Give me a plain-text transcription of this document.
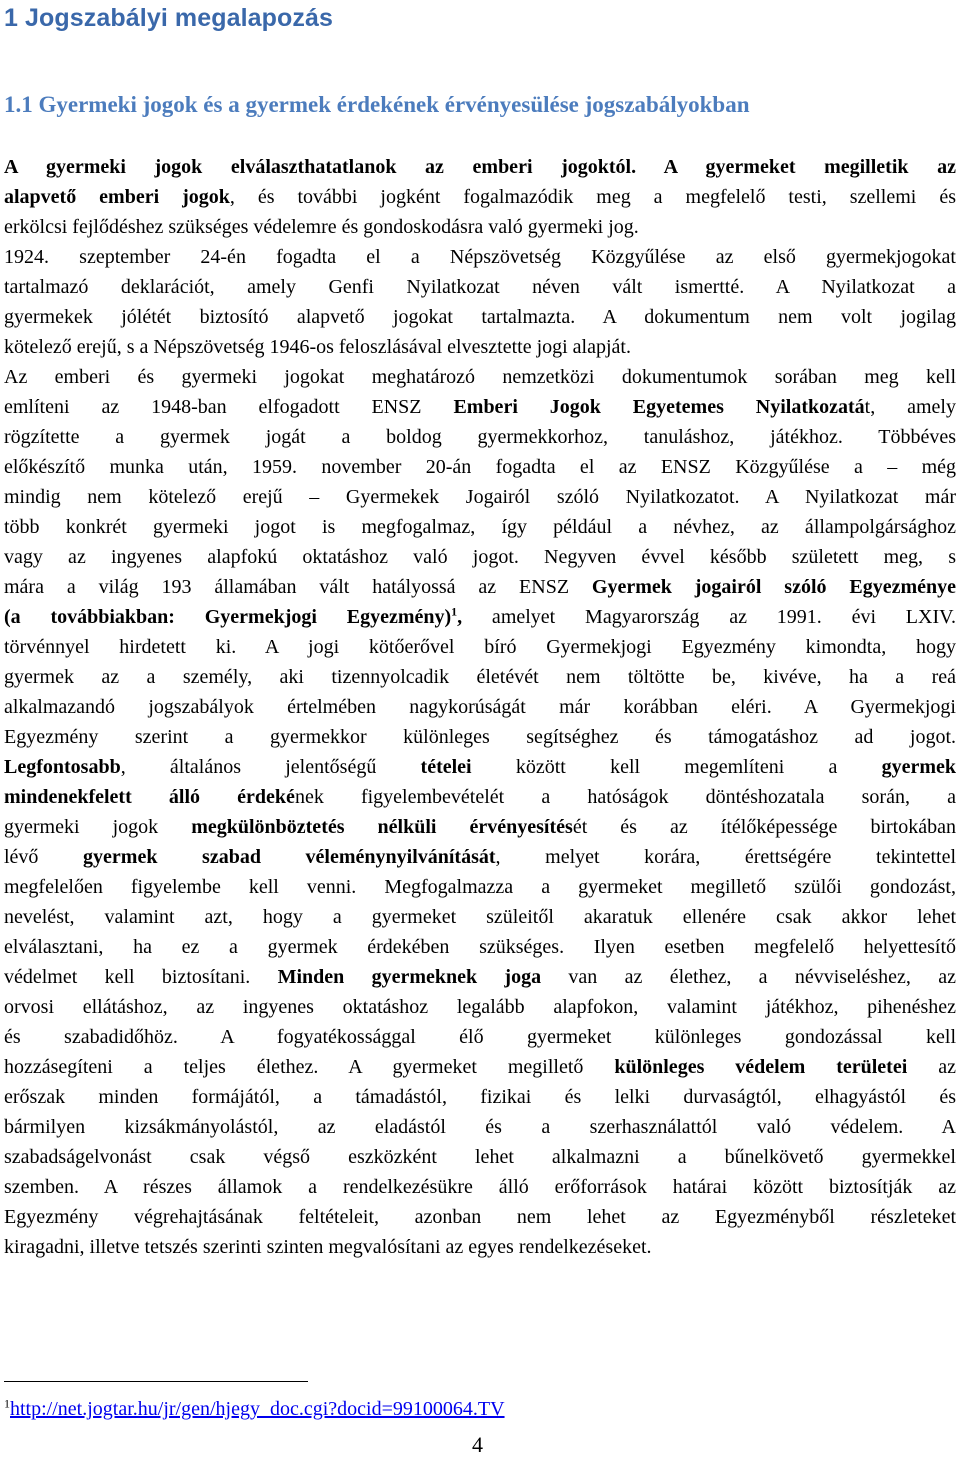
1 Jogszabályi megalapozás
1.1 Gyermeki jogok és a gyermek érdekének érvényesülése jogszabályokban
A gyermeki jogok elválaszthatatlanok az emberi jogoktól. A gyermeket megilletik az
alapvető emberi jogok, és további jogként fogalmazódik meg a megfelelő testi, szellemi és
erkölcsi fejlődéshez szükséges védelemre és gondoskodásra való gyermeki jog.
1924. szeptember 24-én fogadta el a Népszövetség Közgyűlése az első gyermekjogokat
tartalmazó deklarációt, amely Genfi Nyilatkozat néven vált ismertté. A Nyilatkozat a
gyermekek jólétét biztosító alapvető jogokat tartalmazta. A dokumentum nem volt jogilag
kötelező erejű, s a Népszövetség 1946-os feloszlásával elvesztette jogi alapját.
Az emberi és gyermeki jogokat meghatározó nemzetközi dokumentumok sorában meg kell
említeni az 1948-ban elfogadott ENSZ Emberi Jogok Egyetemes Nyilatkozatát, amely
rögzítette a gyermek jogát a boldog gyermekkorhoz, tanuláshoz, játékhoz. Többéves
előkészítő munka után, 1959. november 20-án fogadta el az ENSZ Közgyűlése a – még
mindig nem kötelező erejű – Gyermekek Jogairól szóló Nyilatkozatot. A Nyilatkozat már
több konkrét gyermeki jogot is megfogalmaz, így például a névhez, az állampolgársághoz
vagy az ingyenes alapfokú oktatáshoz való jogot. Negyven évvel később született meg, s
mára a világ 193 államában vált hatályossá az ENSZ Gyermek jogairól szóló Egyezménye
(a továbbiakban: Gyermekjogi Egyezmény)$^1$, amelyet Magyarország az 1991. évi LXIV.
törvénnyel hirdetett ki. A jogi kötőerővel bíró Gyermekjogi Egyezmény kimondta, hogy
gyermek az a személy, aki tizennyolcadik életévét nem töltötte be, kivéve, ha a reá
alkalmazandó jogszabályok értelmében nagykorúságát már korábban eléri. A Gyermekjogi
Egyezmény szerint a gyermekkor különleges segítséghez és támogatáshoz ad jogot.
Legfontosabb, általános jelentőségű tételei között kell megemlíteni a gyermek
mindenekfelett álló érdekének figyelembevételét a hatóságok döntéshozatala során, a
gyermeki jogok megkülönböztetés nélküli érvényesítését és az ítélőképessége birtokában
lévő gyermek szabad véleménynyilvánítását, melyet korára, érettségére tekintettel
megfelelően figyelembe kell venni. Megfogalmazza a gyermeket megillető szülői gondozást,
nevelést, valamint azt, hogy a gyermeket szüleitől akaratuk ellenére csak akkor lehet
elválasztani, ha ez a gyermek érdekében szükséges. Ilyen esetben megfelelő helyettesítő
védelmet kell biztosítani. Minden gyermeknek joga van az élethez, a névviseléshez, az
orvosi ellátáshoz, az ingyenes oktatáshoz legalább alapfokon, valamint játékhoz, pihenéshez
és szabadidőhöz. A fogyatékossággal élő gyermeket különleges gondozással kell
hozzásegíteni a teljes élethez. A gyermeket megillető különleges védelem területei az
erőszak minden formájától, a támadástól, fizikai és lelki durvaságtól, elhagyástól és
bármilyen kizsákmányolástól, az eladástól és a szerhasználattól való védelem. A
szabadságelvonást csak végső eszközként lehet alkalmazni a bűnelkövető gyermekkel
szemben. A részes államok a rendelkezésükre álló erőforrások határai között biztosítják az
Egyezmény végrehajtásának feltételeit, azonban nem lehet az Egyezményből részleteket
kiragadni, illetve tetszés szerinti szinten megvalósítani az egyes rendelkezéseket.
$^1$http://net.jogtar.hu/jr/gen/hjegy_doc.cgi?docid=99100064.TV
4
